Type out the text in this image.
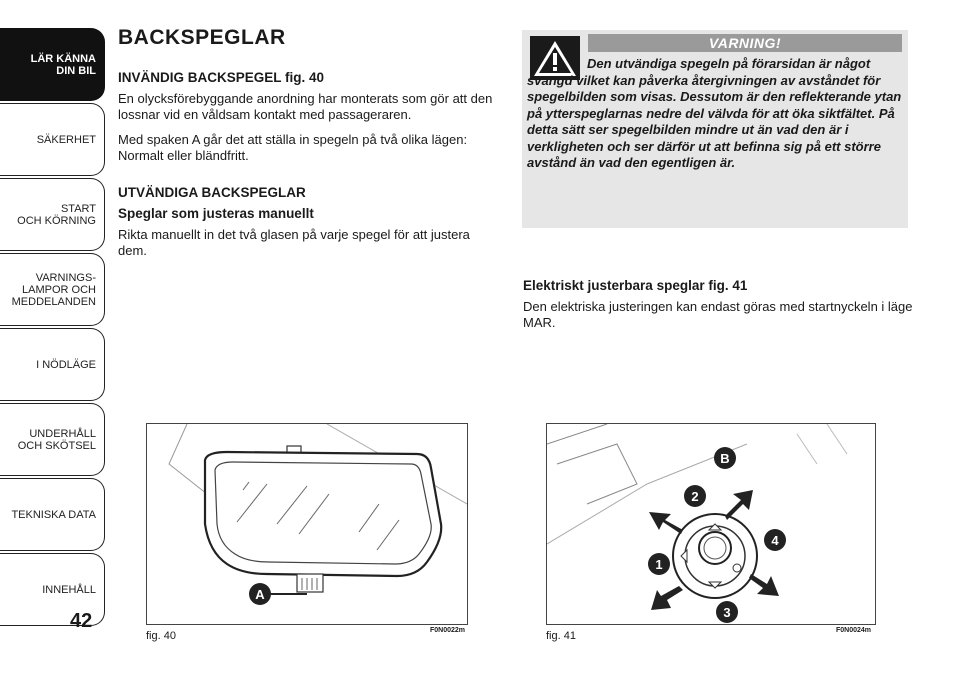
LÄR KÄNNA
DIN BIL
SÄKERHET
START
OCH KÖRNING
VARNINGS-
LAMPOR OCH
MEDDELANDEN
I NÖDLÄGE
UNDERHÅLL
OCH SKÖTSEL
TEKNISKA DATA
INNEHÅLL
42
BACKSPEGLAR
INVÄNDIG BACKSPEGEL fig. 40
En olycksförebyggande anordning har monterats som gör att den lossnar vid en våldsam kontakt med passageraren.
Med spaken A går det att ställa in spegeln på två olika lägen: Normalt eller bländfritt.
UTVÄNDIGA BACKSPEGLAR
Speglar som justeras manuellt
Rikta manuellt in det två glasen på varje spegel för att justera dem.
VARNING!
Den utvändiga spegeln på förarsidan är något svängd vilket kan påverka återgivningen av avståndet för spegelbilden som visas. Dessutom är den reflekterande ytan på ytterspeglarnas nedre del välvda för att öka siktfältet. På detta sätt ser spegelbilden mindre ut än vad den är i verkligheten och ser därför ut att befinna sig på ett större avstånd än vad den egentligen är.
Elektriskt justerbara speglar fig. 41
Den elektriska justeringen kan endast göras med startnyckeln i läge MAR.
A
fig. 40	F0N0022m
B
2
4
1
3
fig. 41	F0N0024m
